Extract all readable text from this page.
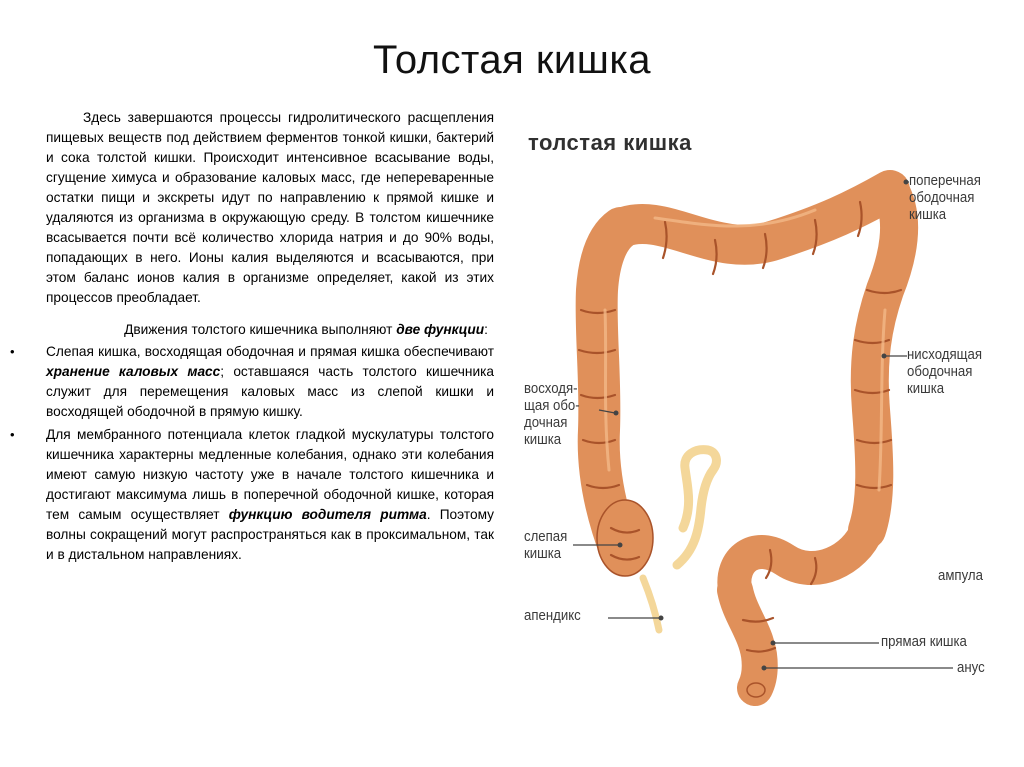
Толстая кишка

Здесь завершаются процессы гидролитического расщепления пищевых веществ под действием ферментов тонкой кишки, бактерий и сока толстой кишки. Происходит интенсивное всасывание воды, сгущение химуса и образование каловых масс, где непереваренные остатки пищи и экскреты идут по направлению к прямой кишке и удаляются из организма в окружающую среду. В толстом кишечнике всасывается почти всё количество хлорида натрия и до 90% воды, попадающих в него. Ионы калия выделяются и всасываются, при этом баланс ионов калия в организме определяет, какой из этих процессов преобладает.

Движения толстого кишечника выполняют две функции:

• Слепая кишка, восходящая ободочная и прямая кишка обеспечивают хранение каловых масс; оставшаяся часть толстого кишечника служит для перемещения каловых масс из слепой кишки и восходящей ободочной в прямую кишку.
• Для мембранного потенциала клеток гладкой мускулатуры толстого кишечника характерны медленные колебания, однако эти колебания имеют самую низкую частоту уже в начале толстого кишечника и достигают максимума лишь в поперечной ободочной кишке, которая тем самым осуществляет функцию водителя ритма. Поэтому волны сокращений могут распространяться как в проксимальном, так и в дистальном направлениях.
толстая кишка
поперечная
ободочная
кишка
нисходящая
ободочная
кишка
восходя-
щая обо-
дочная
кишка
слепая
кишка
апендикс
ампула
прямая кишка
анус
